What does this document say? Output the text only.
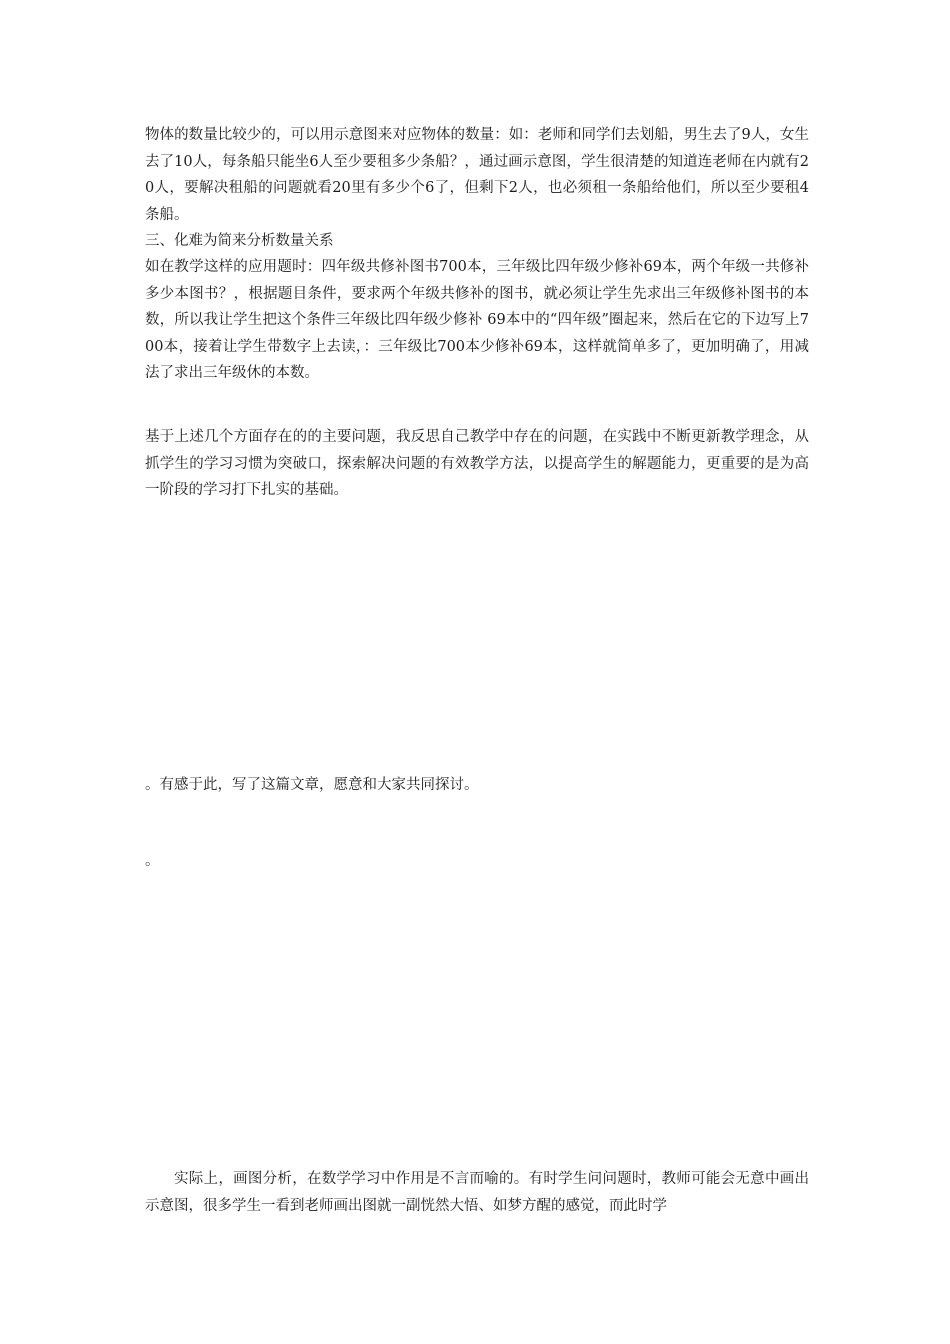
物体的数量比较少的，可以用示意图来对应物体的数量：如：老师和同学们去划船，男生去了9人，女生去了10人，每条船只能坐6人至少要租多少条船？，通过画示意图，学生很清楚的知道连老师在内就有20人，要解决租船的问题就看20里有多少个6了，但剩下2人，也必须租一条船给他们，所以至少要租4条船。

三、化难为简来分析数量关系

如在教学这样的应用题时：四年级共修补图书700本，三年级比四年级少修补69本，两个年级一共修补多少本图书？，根据题目条件，要求两个年级共修补的图书，就必须让学生先求出三年级修补图书的本数，所以我让学生把这个条件三年级比四年级少修补 69本中的“四年级”圈起来，然后在它的下边写上700本，接着让学生带数字上去读，：三年级比700本少修补69本，这样就简单多了，更加明确了，用减法了求出三年级休的本数。

基于上述几个方面存在的的主要问题，我反思自己教学中存在的问题，在实践中不断更新教学理念，从抓学生的学习习惯为突破口，探索解决问题的有效教学方法，以提高学生的解题能力，更重要的是为高一阶段的学习打下扎实的基础。

。有感于此，写了这篇文章，愿意和大家共同探讨。

。

实际上，画图分析，在数学学习中作用是不言而喻的。有时学生问问题时，教师可能会无意中画出示意图，很多学生一看到老师画出图就一副恍然大悟、如梦方醒的感觉，而此时学
